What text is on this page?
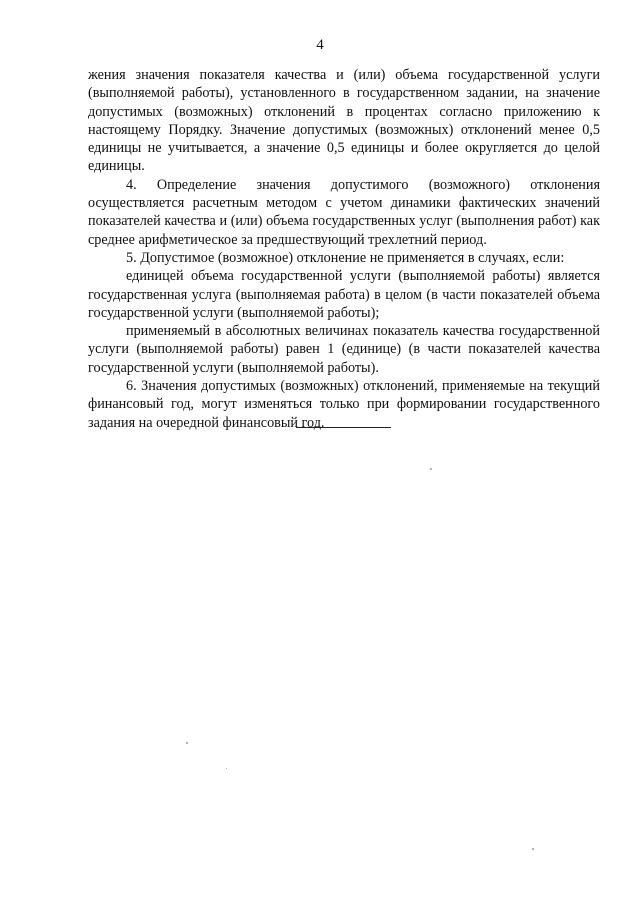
4

жения значения показателя качества и (или) объема государственной услуги (выполняемой работы), установленного в государственном задании, на значение допустимых (возможных) отклонений в процентах согласно приложению к настоящему Порядку. Значение допустимых (возможных) отклонений менее 0,5 единицы не учитывается, а значение 0,5 единицы и более округляется до целой единицы.

4. Определение значения допустимого (возможного) отклонения осуществляется расчетным методом с учетом динамики фактических значений показателей качества и (или) объема государственных услуг (выполнения работ) как среднее арифметическое за предшествующий трехлетний период.

5. Допустимое (возможное) отклонение не применяется в случаях, если:

единицей объема государственной услуги (выполняемой работы) является государственная услуга (выполняемая работа) в целом (в части показателей объема государственной услуги (выполняемой работы);

применяемый в абсолютных величинах показатель качества государственной услуги (выполняемой работы) равен 1 (единице) (в части показателей качества государственной услуги (выполняемой работы).

6. Значения допустимых (возможных) отклонений, применяемые на текущий финансовый год, могут изменяться только при формировании государственного задания на очередной финансовый год.
